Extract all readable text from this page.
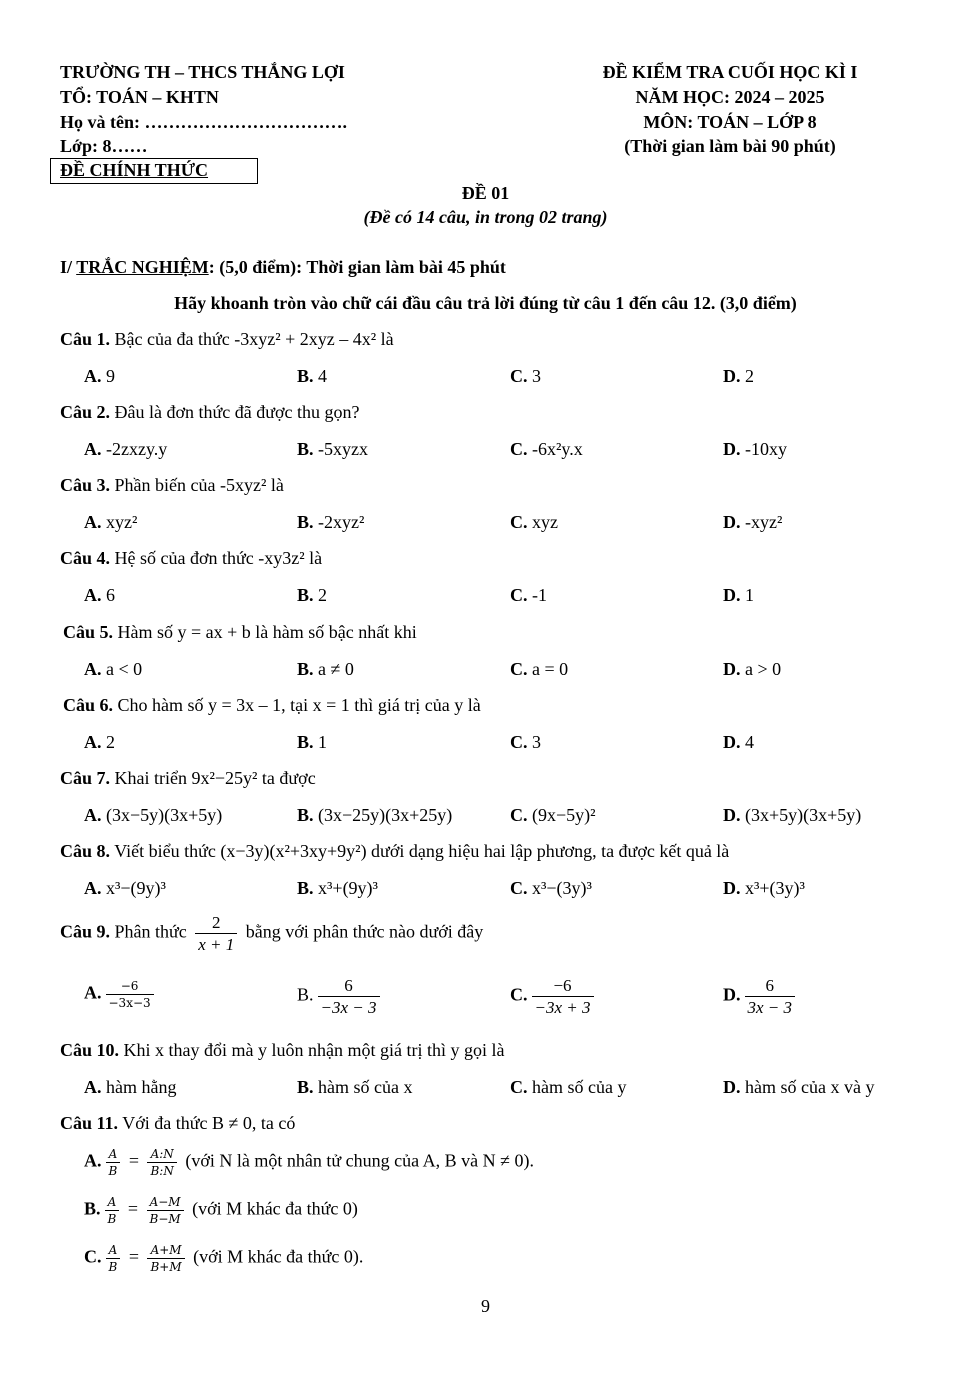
TRƯỜNG TH – THCS THẮNG LỢI
TỔ: TOÁN – KHTN
Họ và tên: …………………………….
Lớp: 8……
ĐỀ CHÍNH THỨC
ĐỀ KIỂM TRA CUỐI HỌC KÌ I
NĂM HỌC: 2024 – 2025
MÔN: TOÁN – LỚP 8
(Thời gian làm bài 90 phút)
ĐỀ 01
(Đề có 14 câu, in trong 02 trang)
I/ TRẮC NGHIỆM: (5,0 điểm): Thời gian làm bài 45 phút
Hãy khoanh tròn vào chữ cái đầu câu trả lời đúng từ câu 1 đến câu 12. (3,0 điểm)
Câu 1. Bậc của đa thức -3xyz² + 2xyz – 4x² là
A. 9	B. 4	C. 3	D. 2
Câu 2. Đâu là đơn thức đã được thu gọn?
A. -2zxzy.y	B. -5xyzx	C. -6x²y.x	D. -10xy
Câu 3. Phần biến của -5xyz² là
A. xyz²	B. -2xyz²	C. xyz	D. -xyz²
Câu 4. Hệ số của đơn thức -xy3z² là
A. 6	B. 2	C. -1	D. 1
Câu 5. Hàm số y = ax + b là hàm số bậc nhất khi
A. a < 0	B. a ≠ 0	C. a = 0	D. a > 0
Câu 6. Cho hàm số y = 3x – 1, tại x = 1 thì giá trị của y là
A. 2	B. 1	C. 3	D. 4
Câu 7. Khai triển 9x²−25y² ta được
A. (3x−5y)(3x+5y)	B. (3x−25y)(3x+25y)	C. (9x−5y)²	D. (3x+5y)(3x+5y)
Câu 8. Viết biểu thức (x−3y)(x²+3xy+9y²) dưới dạng hiệu hai lập phương, ta được kết quả là
A. x³−(9y)³	B. x³+(9y)³	C. x³−(3y)³	D. x³+(3y)³
Câu 9. Phân thức $\frac{2}{x + 1}$ bằng với phân thức nào dưới đây
A. $\frac{-6}{-3x-3}$	B. $\frac{6}{-3x - 3}$	C. $\frac{-6}{-3x + 3}$	D. $\frac{6}{3x - 3}$
Câu 10. Khi x thay đổi mà y luôn nhận một giá trị thì y gọi là
A. hàm hằng	B. hàm số của x	C. hàm số của y	D. hàm số của x và y
Câu 11. Với đa thức B ≠ 0, ta có
A. $\frac{A}{B} = \frac{A:N}{B:N}$ (với N là một nhân tử chung của A, B và N ≠ 0).
B. $\frac{A}{B} = \frac{A-M}{B-M}$ (với M khác đa thức 0)
C. $\frac{A}{B} = \frac{A+M}{B+M}$ (với M khác đa thức 0).
9
